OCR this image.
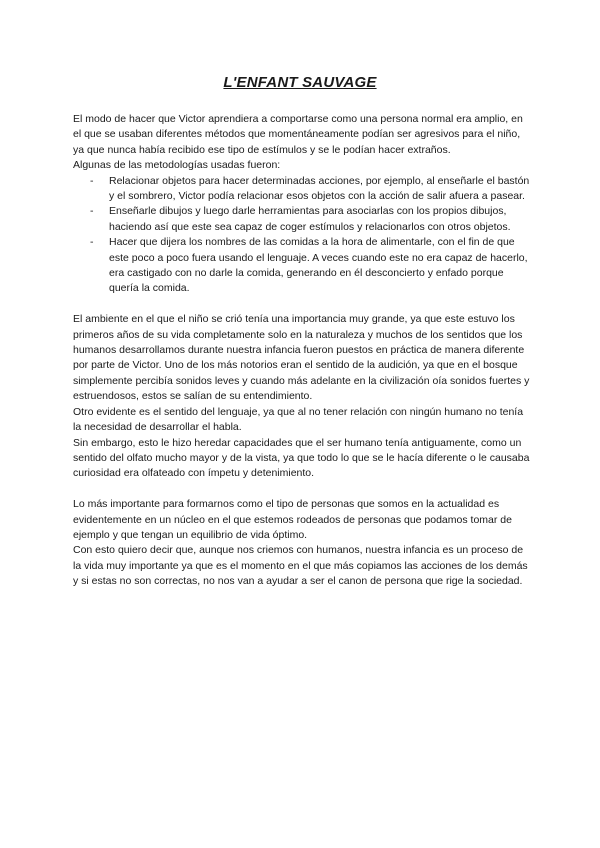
L'ENFANT SAUVAGE

El modo de hacer que Victor aprendiera a comportarse como una persona normal era amplio, en el que se usaban diferentes métodos que momentáneamente podían ser agresivos para el niño, ya que nunca había recibido ese tipo de estímulos y se le podían hacer extraños.

Algunas de las metodologías usadas fueron:

- Relacionar objetos para hacer determinadas acciones, por ejemplo, al enseñarle el bastón y el sombrero, Victor podía relacionar esos objetos con la acción de salir afuera a pasear.
- Enseñarle dibujos y luego darle herramientas para asociarlas con los propios dibujos, haciendo así que este sea capaz de coger estímulos y relacionarlos con otros objetos.
- Hacer que dijera los nombres de las comidas a la hora de alimentarle, con el fin de que este poco a poco fuera usando el lenguaje. A veces cuando este no era capaz de hacerlo, era castigado con no darle la comida, generando en él desconcierto y enfado porque quería la comida.

El ambiente en el que el niño se crió tenía una importancia muy grande, ya que este estuvo los primeros años de su vida completamente solo en la naturaleza y muchos de los sentidos que los humanos desarrollamos durante nuestra infancia fueron puestos en práctica de manera diferente por parte de Victor. Uno de los más notorios eran el sentido de la audición, ya que en el bosque simplemente percibía sonidos leves y cuando más adelante en la civilización oía sonidos fuertes y estruendosos, estos se salían de su entendimiento.

Otro evidente es el sentido del lenguaje, ya que al no tener relación con ningún humano no tenía la necesidad de desarrollar el habla.

Sin embargo, esto le hizo heredar capacidades que el ser humano tenía antiguamente, como un sentido del olfato mucho mayor y de la vista, ya que todo lo que se le hacía diferente o le causaba curiosidad era olfateado con ímpetu y detenimiento.

Lo más importante para formarnos como el tipo de personas que somos en la actualidad es evidentemente en un núcleo en el que estemos rodeados de personas que podamos tomar de ejemplo y que tengan un equilibrio de vida óptimo.

Con esto quiero decir que, aunque nos criemos con humanos, nuestra infancia es un proceso de la vida muy importante ya que es el momento en el que más copiamos las acciones de los demás y si estas no son correctas, no nos van a ayudar a ser el canon de persona que rige la sociedad.
